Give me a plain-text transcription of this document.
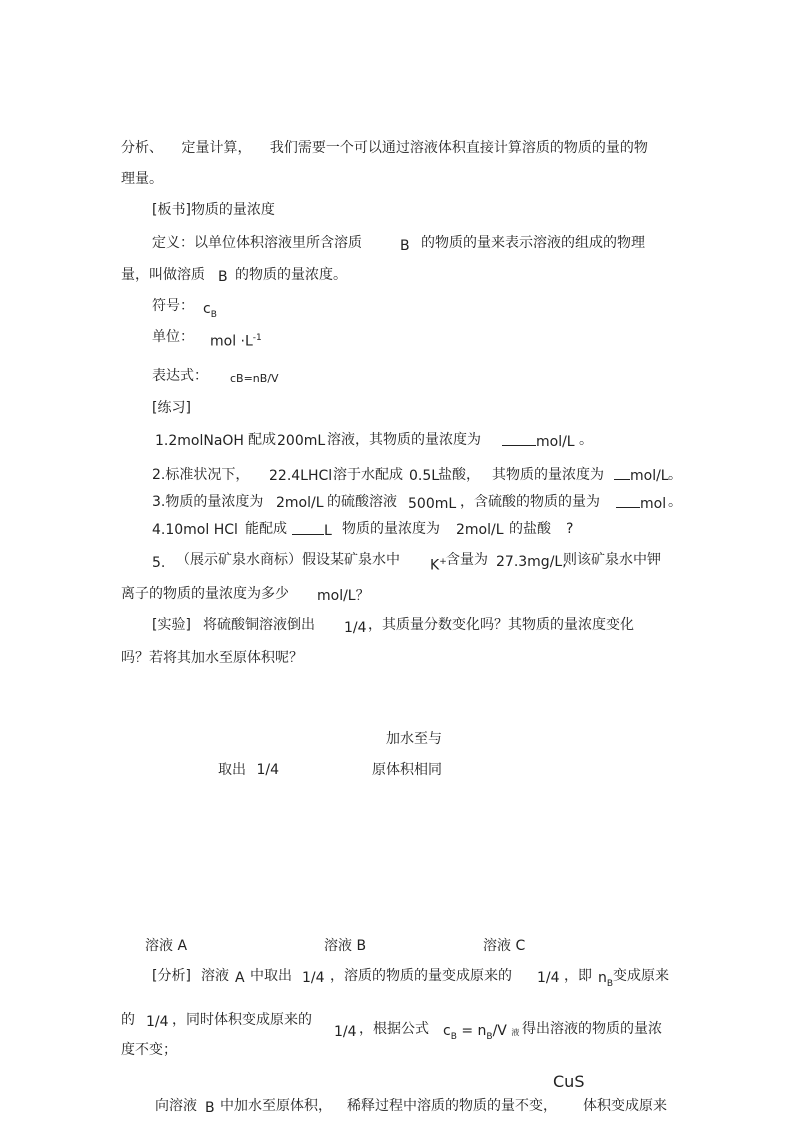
分析、 定量计算， 我们需要一个可以通过溶液体积直接计算溶质的物质的量的物
理量。
[板书]物质的量浓度
定义：以单位体积溶液里所含溶质	B 的物质的量来表示溶液的组成的物理
量，叫做溶质 B 的物质的量浓度。
符号： $c_B$
单位： mol $\cdot L^{-1}$
表达式： cB=nB/V
[练习]
1.2molNaOH 配成 200mL 溶液，其物质的量浓度为	mol/L 。
2.标准状况下， 22.4LHCl 溶于水配成 0.5L
盐酸， 其物质的量浓度为	mol/L 。
3.物质的量浓度为 2mol/L 的硫酸溶液 500mL ，含硫酸的物质的量为	mol 。
4.10mol HCl 能配成	L 物质的量浓度为 2mol/L 的盐酸 ?
5. （展示矿泉水商标）假设某矿泉水中 K+ 含量为 27.3mg/L,
则该矿泉水中钾
离子的物质的量浓度为多少 mol/L？
[实验] 将硫酸铜溶液倒出 1/4 ，其质量分数变化吗？其物质的量浓度变化
吗？若将其加水至原体积呢？
加水至与
取出 1/4	原体积相同
溶液 A	溶液 B	溶液 C
[分析] 溶液 A 中取出 1/4 ，溶质的物质的量变成原来的 1/4 ，即 $n_B$ 变成原来
的 1/4 ，同时体积变成原来的
1/4 ，根据公式 $c_B = n_B/V$ 液 得出溶液的物质的量浓
度不变；
CuS
向溶液 B 中加水至原体积， 稀释过程中溶质的物质的量不变， 体积变成原来
